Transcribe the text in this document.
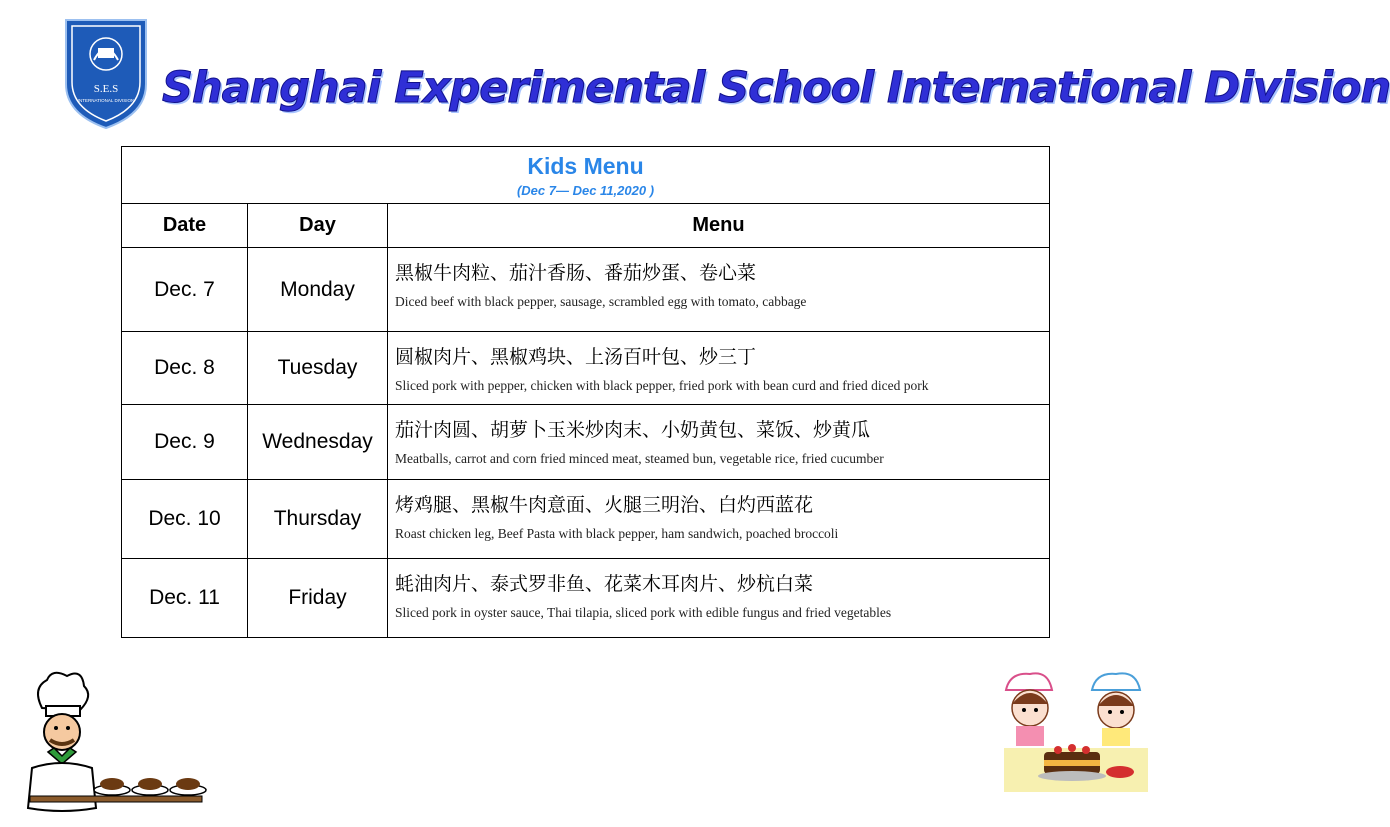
S.E.S
INTERNATIONAL DIVISION Shanghai Experimental School International Division
Kids Menu
(Dec 7— Dec 11,2020 )		

Date	Day	Menu
Dec. 7	Monday	黑椒牛肉粒、茄汁香肠、番茄炒蛋、卷心菜
Diced beef with black pepper, sausage, scrambled egg with tomato, cabbage

Dec. 8	Tuesday	圆椒肉片、黑椒鸡块、上汤百叶包、炒三丁
Sliced pork with pepper, chicken with black pepper, fried pork with bean curd and fried diced pork

Dec. 9	Wednesday	茄汁肉圆、胡萝卜玉米炒肉末、小奶黄包、菜饭、炒黄瓜
Meatballs, carrot and corn fried minced meat, steamed bun, vegetable rice, fried cucumber

Dec. 10	Thursday	烤鸡腿、黑椒牛肉意面、火腿三明治、白灼西蓝花
Roast chicken leg, Beef Pasta with black pepper, ham sandwich, poached broccoli

Dec. 11	Friday	蚝油肉片、泰式罗非鱼、花菜木耳肉片、炒杭白菜
Sliced pork in oyster sauce, Thai tilapia, sliced pork with edible fungus and fried vegetables
